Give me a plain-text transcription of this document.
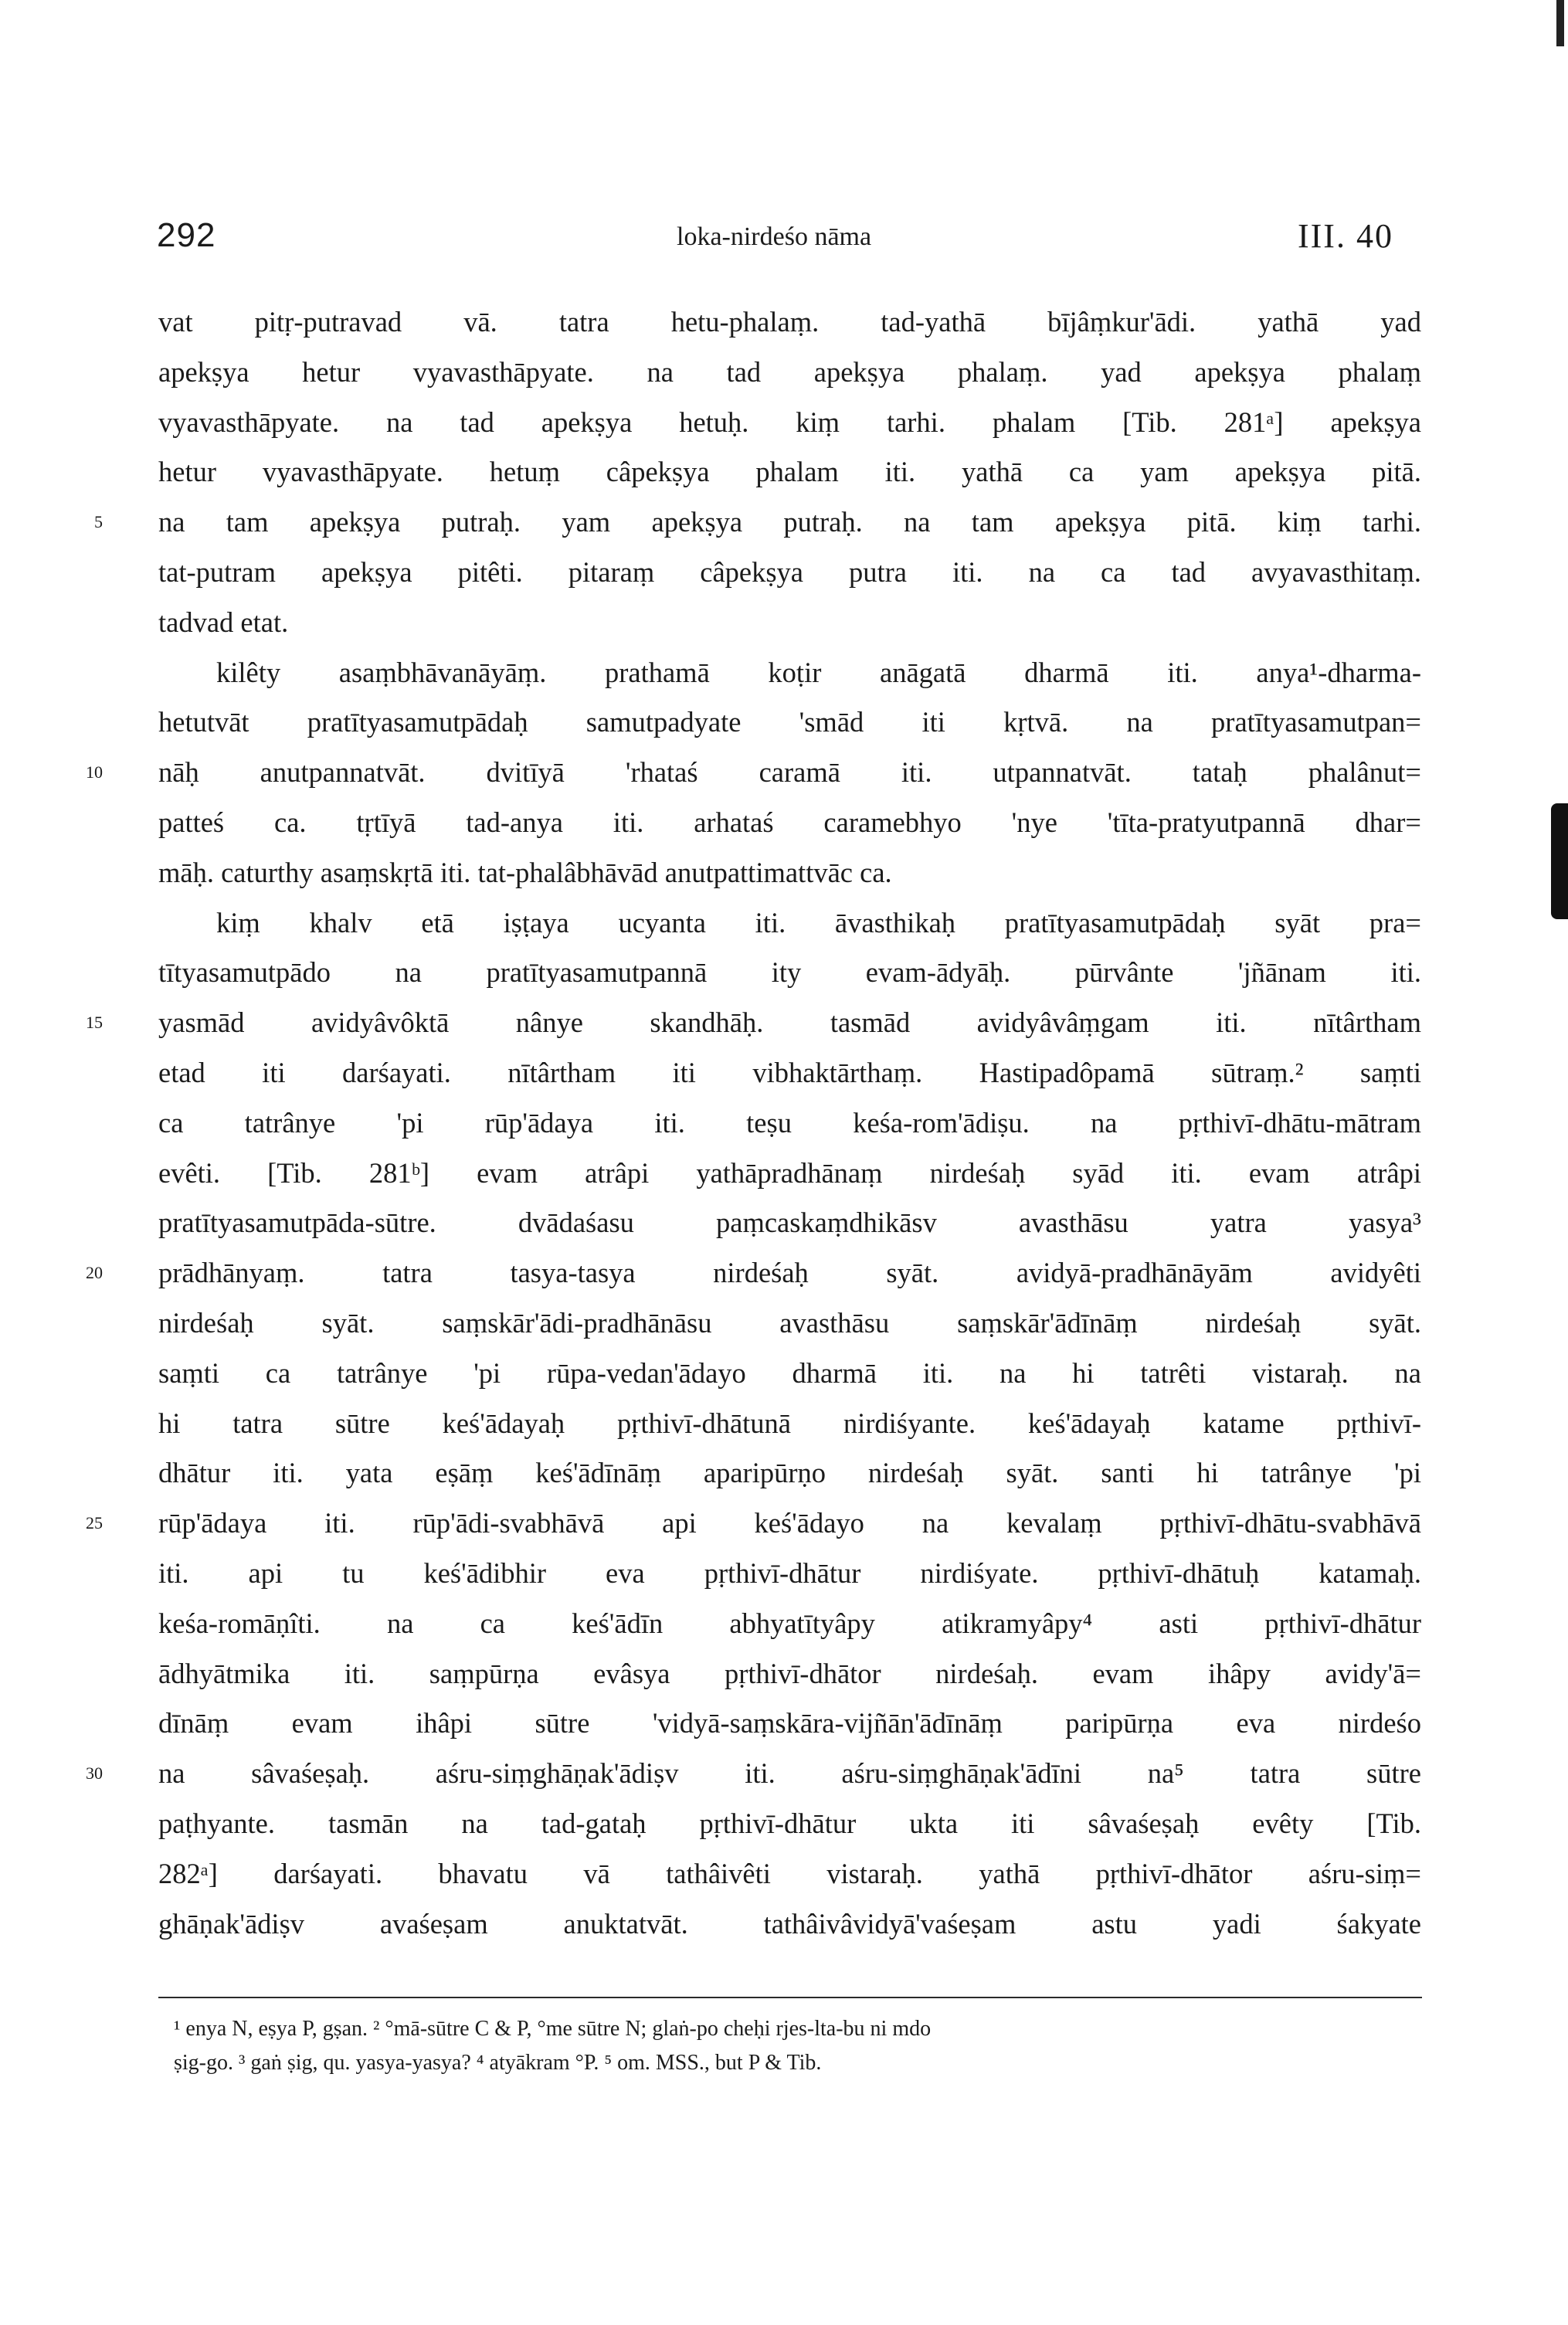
292	loka-nirdeśo nāma	III. 40
vat pitṛ-putravad vā. tatra hetu-phalaṃ. tad-yathā bījâṃkur'ādi. yathā yad
apekṣya hetur vyavasthāpyate. na tad apekṣya phalaṃ. yad apekṣya phalaṃ
vyavasthāpyate. na tad apekṣya hetuḥ. kiṃ tarhi. phalam [Tib. 281ᵃ] apekṣya
hetur vyavasthāpyate. hetuṃ câpekṣya phalam iti. yathā ca yam apekṣya pitā.
5 na tam apekṣya putraḥ. yam apekṣya putraḥ. na tam apekṣya pitā. kiṃ tarhi.
tat-putram apekṣya pitêti. pitaraṃ câpekṣya putra iti. na ca tad avyavasthitaṃ.
tadvad etat.
kilêty asaṃbhāvanāyāṃ. prathamā koṭir anāgatā dharmā iti. anya¹-dharma-
hetutvāt pratītyasamutpādaḥ samutpadyate 'smād iti kṛtvā. na pratītyasamutpan=
10 nāḥ anutpannatvāt. dvitīyā 'rhataś caramā iti. utpannatvāt. tataḥ phalânut=
patteś ca. tṛtīyā tad-anya iti. arhataś caramebhyo 'nye 'tīta-pratyutpannā dhar=
māḥ. caturthy asaṃskṛtā iti. tat-phalâbhāvād anutpattimattvāc ca.
kiṃ khalv etā iṣṭaya ucyanta iti. āvasthikaḥ pratītyasamutpādaḥ syāt pra=
tītyasamutpādo na pratītyasamutpannā ity evam-ādyāḥ. pūrvânte 'jñānam iti.
15 yasmād avidyâvôktā nânye skandhāḥ. tasmād avidyâvâṃgam iti. nītârtham
etad iti darśayati. nītârtham iti vibhaktārthaṃ. Hastipadôpamā sūtraṃ.² saṃti
ca tatrânye 'pi rūp'ādaya iti. teṣu keśa-rom'ādiṣu. na pṛthivī-dhātu-mātram
evêti. [Tib. 281ᵇ] evam atrâpi yathāpradhānaṃ nirdeśaḥ syād iti. evam atrâpi
pratītyasamutpāda-sūtre. dvādaśasu paṃcaskaṃdhikāsv avasthāsu yatra yasya³
20 prādhānyaṃ. tatra tasya-tasya nirdeśaḥ syāt. avidyā-pradhānāyām avidyêti
nirdeśaḥ syāt. saṃskār'ādi-pradhānāsu avasthāsu saṃskār'ādīnāṃ nirdeśaḥ syāt.
saṃti ca tatrânye 'pi rūpa-vedan'ādayo dharmā iti. na hi tatrêti vistaraḥ. na
hi tatra sūtre keś'ādayaḥ pṛthivī-dhātunā nirdiśyante. keś'ādayaḥ katame pṛthivī-
dhātur iti. yata eṣāṃ keś'ādīnāṃ aparipūrṇo nirdeśaḥ syāt. santi hi tatrânye 'pi
25 rūp'ādaya iti. rūp'ādi-svabhāvā api keś'ādayo na kevalaṃ pṛthivī-dhātu-svabhāvā
iti. api tu keś'ādibhir eva pṛthivī-dhātur nirdiśyate. pṛthivī-dhātuḥ katamaḥ.
keśa-romāṇîti. na ca keś'ādīn abhyatītyâpy atikramyâpy⁴ asti pṛthivī-dhātur
ādhyātmika iti. saṃpūrṇa evâsya pṛthivī-dhātor nirdeśaḥ. evam ihâpy avidy'ā=
dīnāṃ evam ihâpi sūtre 'vidyā-saṃskāra-vijñān'ādīnāṃ paripūrṇa eva nirdeśo
30 na sâvaśeṣaḥ. aśru-siṃghāṇak'ādiṣv iti. aśru-siṃghāṇak'ādīni na⁵ tatra sūtre
paṭhyante. tasmān na tad-gataḥ pṛthivī-dhātur ukta iti sâvaśeṣaḥ evêty [Tib.
282ᵃ] darśayati. bhavatu vā tathâivêti vistaraḥ. yathā pṛthivī-dhātor aśru-siṃ=
ghāṇak'ādiṣv avaśeṣam anuktatvāt. tathâivâvidyā'vaśeṣam astu yadi śakyate
¹ enya N, eṣya P, gṣan. ² °mā-sūtre C & P, °me sūtre N; glaṅ-po cheḥi rjes-lta-bu ni mdo
ṣig-go. ³ gaṅ ṣig, qu. yasya-yasya? ⁴ atyākram °P. ⁵ om. MSS., but P & Tib.
